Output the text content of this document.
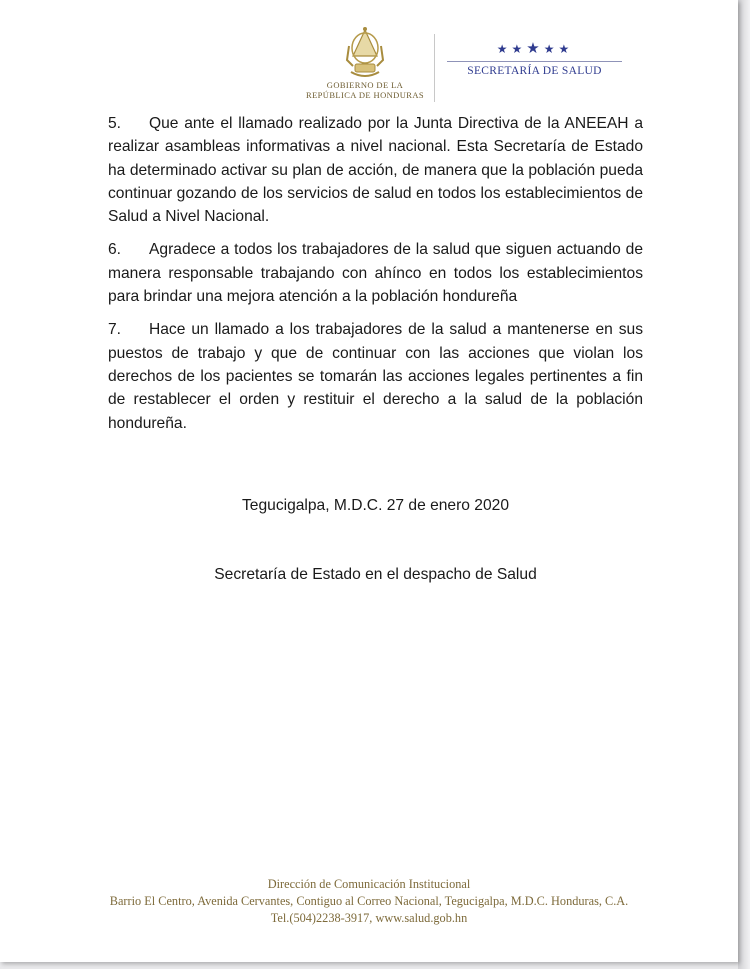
GOBIERNO DE LA
REPÚBLICA DE HONDURAS
★ ★ ★ ★ ★
SECRETARÍA DE SALUD

5. Que ante el llamado realizado por la Junta Directiva de la ANEEAH a realizar asambleas informativas a nivel nacional. Esta Secretaría de Estado ha determinado activar su plan de acción, de manera que la población pueda continuar gozando de los servicios de salud en todos los establecimientos de Salud a Nivel Nacional.

6. Agradece a todos los trabajadores de la salud que siguen actuando de manera responsable trabajando con ahínco en todos los establecimientos para brindar una mejora atención a la población hondureña

7. Hace un llamado a los trabajadores de la salud a mantenerse en sus puestos de trabajo y que de continuar con las acciones que violan los derechos de los pacientes se tomarán las acciones legales pertinentes a fin de restablecer el orden y restituir el derecho a la salud de la población hondureña.

Tegucigalpa, M.D.C. 27 de enero 2020
Secretaría de Estado en el despacho de Salud
Dirección de Comunicación Institucional
Barrio El Centro, Avenida Cervantes, Contiguo al Correo Nacional, Tegucigalpa, M.D.C. Honduras, C.A.
Tel.(504)2238-3917, www.salud.gob.hn
